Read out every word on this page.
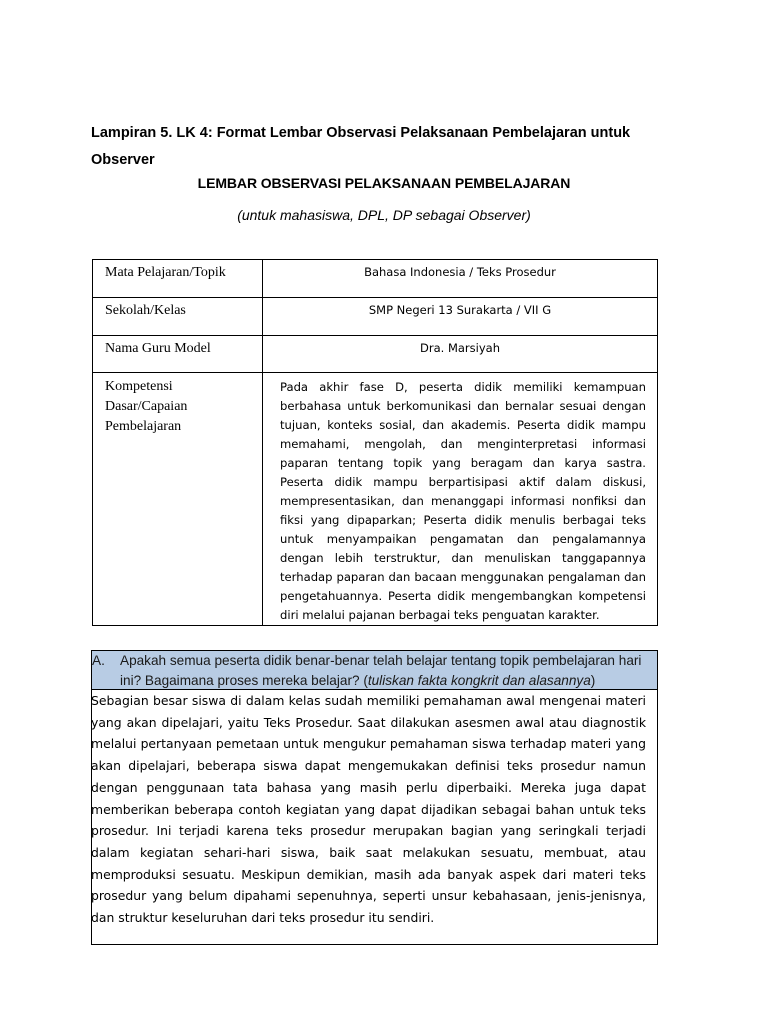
Lampiran 5. LK 4: Format Lembar Observasi Pelaksanaan Pembelajaran untuk Observer
LEMBAR OBSERVASI PELAKSANAAN PEMBELAJARAN
(untuk mahasiswa, DPL, DP sebagai Observer)
Mata Pelajaran/Topik	Bahasa Indonesia / Teks Prosedur
Sekolah/Kelas	SMP Negeri 13 Surakarta / VII G
Nama Guru Model	Dra. Marsiyah
Kompetensi Dasar/Capaian Pembelajaran	Pada akhir fase D, peserta didik memiliki kemampuan berbahasa untuk berkomunikasi dan bernalar sesuai dengan tujuan, konteks sosial, dan akademis. Peserta didik mampu memahami, mengolah, dan menginterpretasi informasi paparan tentang topik yang beragam dan karya sastra. Peserta didik mampu berpartisipasi aktif dalam diskusi, mempresentasikan, dan menanggapi informasi nonfiksi dan fiksi yang dipaparkan; Peserta didik menulis berbagai teks untuk menyampaikan pengamatan dan pengalamannya dengan lebih terstruktur, dan menuliskan tanggapannya terhadap paparan dan bacaan menggunakan pengalaman dan pengetahuannya. Peserta didik mengembangkan kompetensi diri melalui pajanan berbagai teks penguatan karakter.
A. Apakah semua peserta didik benar-benar telah belajar tentang topik pembelajaran hari
ini? Bagaimana proses mereka belajar? (tuliskan fakta kongkrit dan alasannya)
Sebagian besar siswa di dalam kelas sudah memiliki pemahaman awal mengenai materi yang akan dipelajari, yaitu Teks Prosedur. Saat dilakukan asesmen awal atau diagnostik melalui pertanyaan pemetaan untuk mengukur pemahaman siswa terhadap materi yang akan dipelajari, beberapa siswa dapat mengemukakan definisi teks prosedur namun dengan penggunaan tata bahasa yang masih perlu diperbaiki. Mereka juga dapat memberikan beberapa contoh kegiatan yang dapat dijadikan sebagai bahan untuk teks prosedur. Ini terjadi karena teks prosedur merupakan bagian yang seringkali terjadi dalam kegiatan sehari-hari siswa, baik saat melakukan sesuatu, membuat, atau memproduksi sesuatu. Meskipun demikian, masih ada banyak aspek dari materi teks prosedur yang belum dipahami sepenuhnya, seperti unsur kebahasaan, jenis-jenisnya, dan struktur keseluruhan dari teks prosedur itu sendiri.
